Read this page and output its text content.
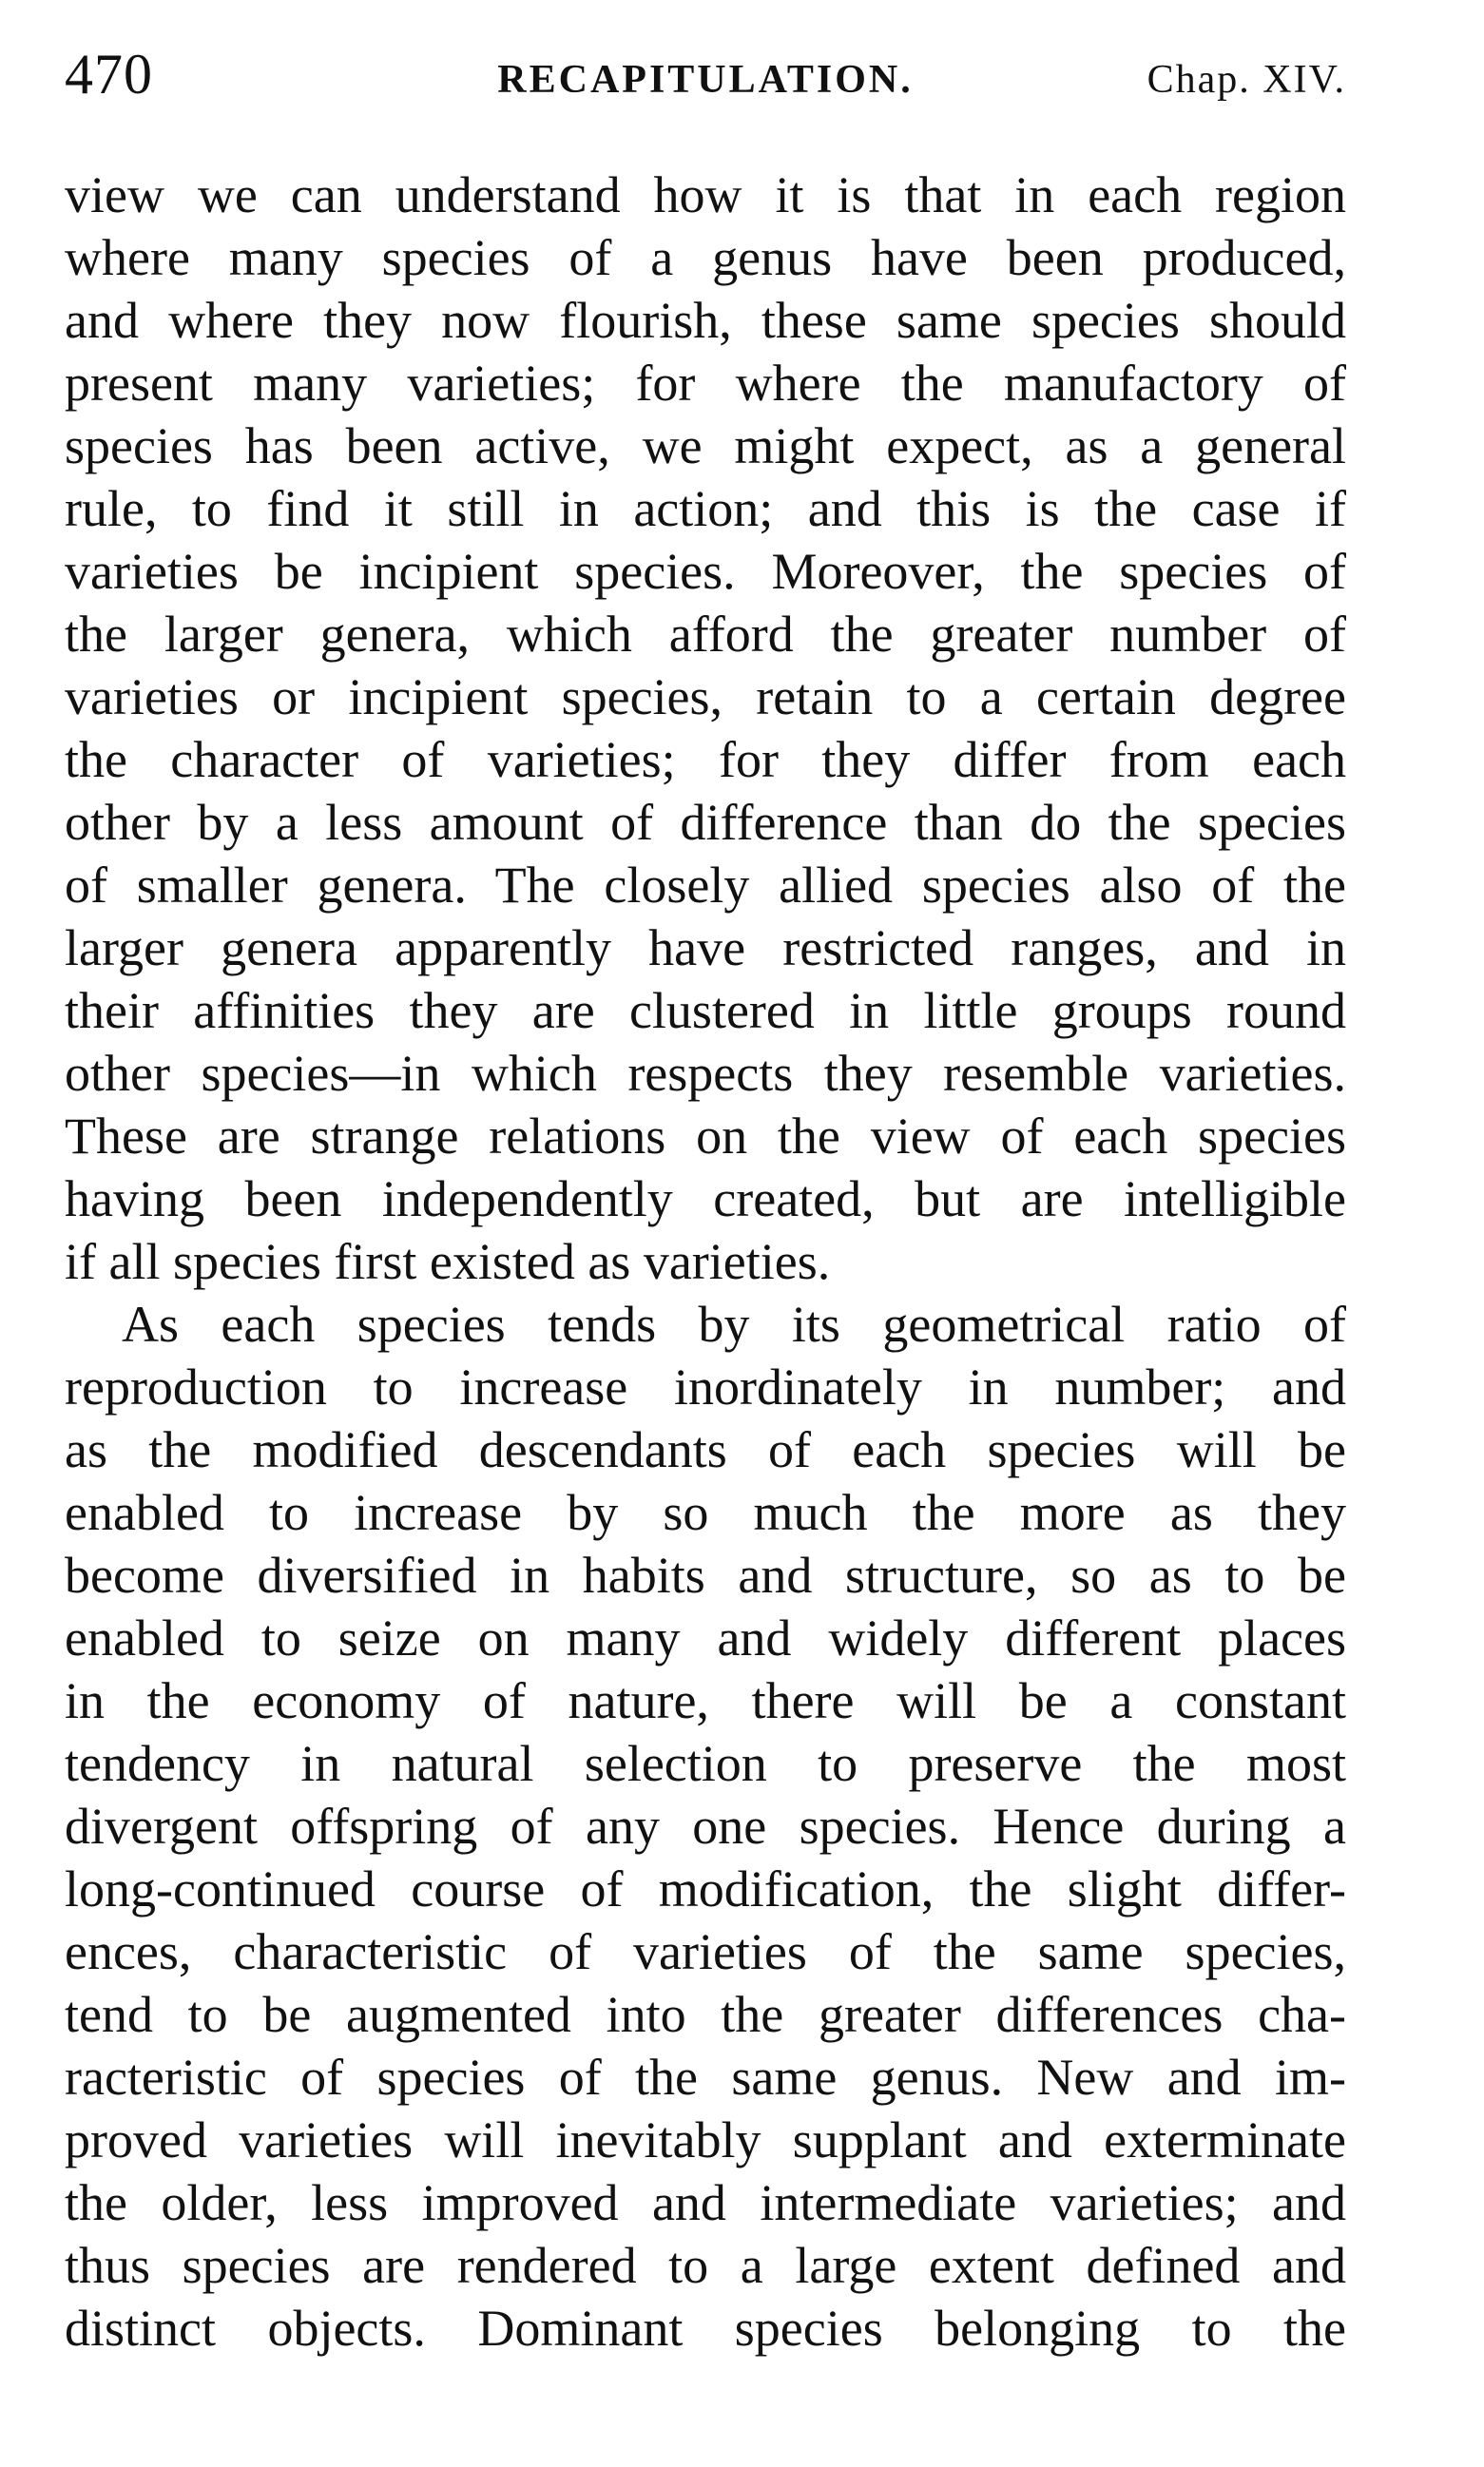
470	RECAPITULATION.	Chap. XIV.
view we can understand how it is that in each region
where many species of a genus have been produced,
and where they now flourish, these same species should
present many varieties; for where the manufactory of
species has been active, we might expect, as a general
rule, to find it still in action; and this is the case if
varieties be incipient species. Moreover, the species of
the larger genera, which afford the greater number of
varieties or incipient species, retain to a certain degree
the character of varieties; for they differ from each
other by a less amount of difference than do the species
of smaller genera. The closely allied species also of the
larger genera apparently have restricted ranges, and in
their affinities they are clustered in little groups round
other species—in which respects they resemble varieties.
These are strange relations on the view of each species
having been independently created, but are intelligible
if all species first existed as varieties.
As each species tends by its geometrical ratio of
reproduction to increase inordinately in number; and
as the modified descendants of each species will be
enabled to increase by so much the more as they
become diversified in habits and structure, so as to be
enabled to seize on many and widely different places
in the economy of nature, there will be a constant
tendency in natural selection to preserve the most
divergent offspring of any one species. Hence during a
long-continued course of modification, the slight differ-
ences, characteristic of varieties of the same species,
tend to be augmented into the greater differences cha-
racteristic of species of the same genus. New and im-
proved varieties will inevitably supplant and exterminate
the older, less improved and intermediate varieties; and
thus species are rendered to a large extent defined and
distinct objects. Dominant species belonging to the
